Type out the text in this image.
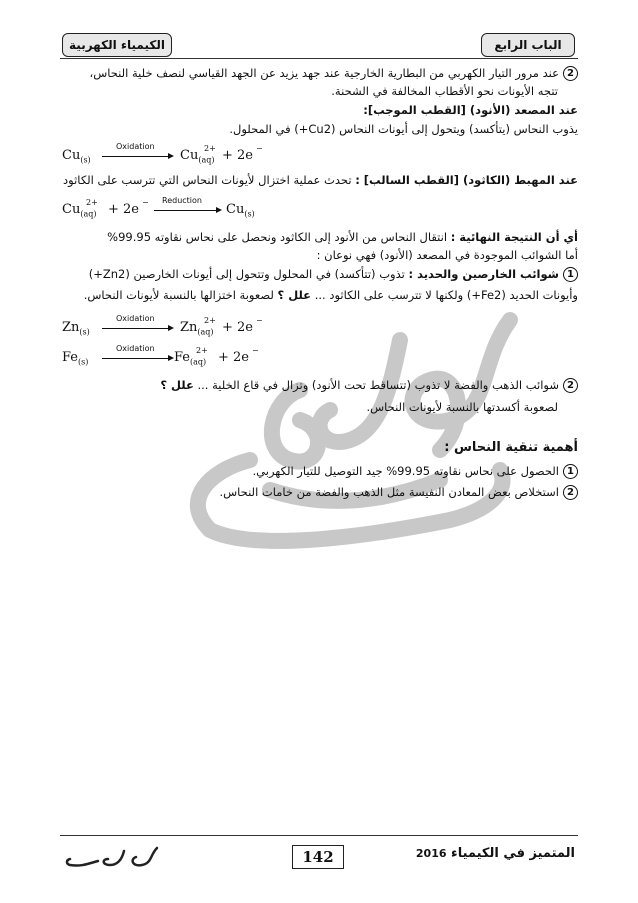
الكيمياء الكهربية	الباب الرابع
2عند مرور التيار الكهربي من البطارية الخارجية عند جهد يزيد عن الجهد القياسي لنصف خلية النحاس،
تتجه الأيونات نحو الأقطاب المخالفة في الشحنة.
عند المصعد (الأنود) [القطب الموجب]:
يذوب النحاس (يتأكسد) ويتحول إلى أيونات النحاس (Cu2+) في المحلول.
$Cu_{(s)}$
Oxidation
$Cu_{(aq)}$
2+ + 2e −
عند المهبط (الكاثود) [القطب السالب] : تحدث عملية اختزال لأيونات النحاس التي تترسب على الكاثود
$Cu_{(aq)}$
2+ + 2e − Reduction
$Cu_{(s)}$
أي أن النتيجة النهائية : انتقال النحاس من الأنود إلى الكاثود ونحصل على نحاس نقاوته 99.95%
أما الشوائب الموجودة في المصعد (الأنود) فهي نوعان :
1شوائب الخارصين والحديد : تذوب (تتأكسد) في المحلول وتتحول إلى أيونات الخارصين (Zn2+)
وأيونات الحديد (Fe2+) ولكنها لا تترسب على الكاثود ... علل ؟ لصعوبة اختزالها بالنسبة لأيونات النحاس.
$Zn_{(s)}$
Oxidation
$Zn_{(aq)}$
2+ + 2e −
$Fe_{(s)}$
Oxidation
$Fe_{(aq)}$
2+ + 2e −
2شوائب الذهب والفضة لا تذوب (تتساقط تحت الأنود) وتزال في قاع الخلية ... علل ؟
لصعوبة أكسدتها بالنسبة لأيونات النحاس.
أهمية تنقية النحاس :
1الحصول على نحاس نقاوته 99.95% جيد التوصيل للتيار الكهربي.
2استخلاص بعض المعادن النفيسة مثل الذهب والفضة من خامات النحاس.
142	المتميز في الكيمياء 2016
